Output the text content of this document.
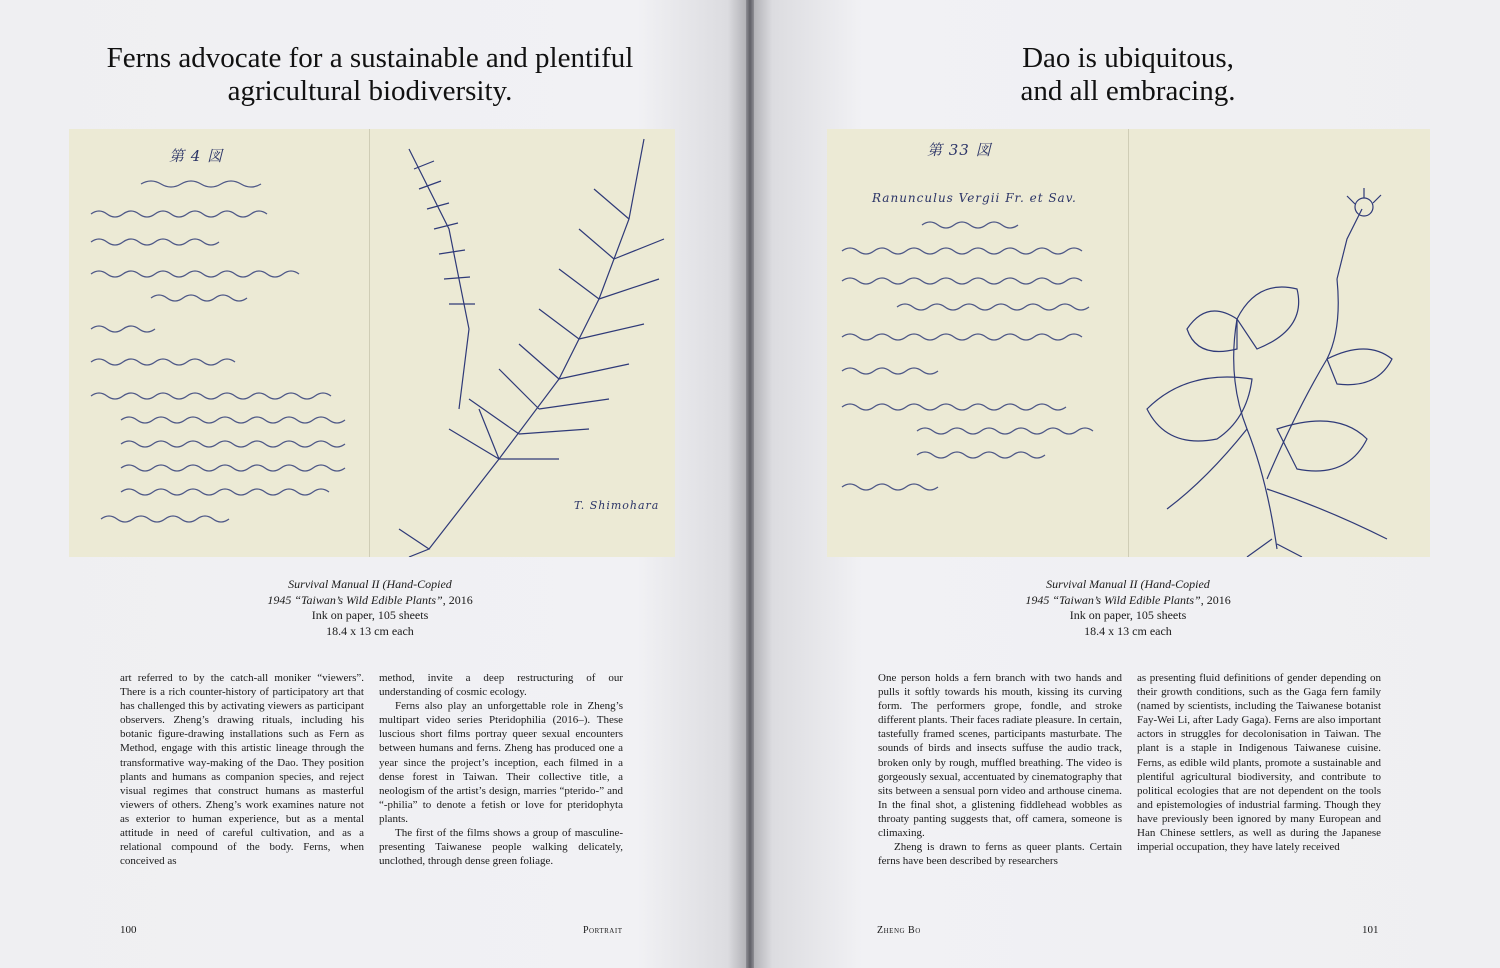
Ferns advocate for a sustainable and plentiful
agricultural biodiversity.
第 4 図
T. Shimohara
Survival Manual II (Hand-Copied
1945 “Taiwan’s Wild Edible Plants”, 2016
Ink on paper, 105 sheets
18.4 x 13 cm each

art referred to by the catch-all moniker “viewers”. There is a rich counter-history of participatory art that has challenged this by activating viewers as participant observers. Zheng’s drawing rituals, including his botanic figure-drawing installations such as Fern as Method, engage with this artistic lineage through the transformative way-making of the Dao. They position plants and humans as companion species, and reject visual regimes that construct humans as masterful viewers of others. Zheng’s work examines nature not as exterior to human experience, but as a mental attitude in need of careful cultivation, and as a relational compound of the body. Ferns, when conceived as

method, invite a deep restructuring of our understanding of cosmic ecology.

Ferns also play an unforgettable role in Zheng’s multipart video series Pteridophilia (2016–). These luscious short films portray queer sexual encounters between humans and ferns. Zheng has produced one a year since the project’s inception, each filmed in a dense forest in Taiwan. Their collective title, a neologism of the artist’s design, marries “pterido-” and “-philia” to denote a fetish or love for pteridophyta plants.

The first of the films shows a group of masculine-presenting Taiwanese people walking delicately, unclothed, through dense green foliage.

100	Portrait
Dao is ubiquitous,
and all embracing.
第 33 図
Ranunculus Vergii Fr. et Sav.
Survival Manual II (Hand-Copied
1945 “Taiwan’s Wild Edible Plants”, 2016
Ink on paper, 105 sheets
18.4 x 13 cm each

One person holds a fern branch with two hands and pulls it softly towards his mouth, kissing its curving form. The performers grope, fondle, and stroke different plants. Their faces radiate pleasure. In certain, tastefully framed scenes, participants masturbate. The sounds of birds and insects suffuse the audio track, broken only by rough, muffled breathing. The video is gorgeously sexual, accentuated by cinematography that sits between a sensual porn video and arthouse cinema. In the final shot, a glistening fiddlehead wobbles as throaty panting suggests that, off camera, someone is climaxing.

Zheng is drawn to ferns as queer plants. Certain ferns have been described by researchers

as presenting fluid definitions of gender depending on their growth conditions, such as the Gaga fern family (named by scientists, including the Taiwanese botanist Fay-Wei Li, after Lady Gaga). Ferns are also important actors in struggles for decolonisation in Taiwan. The plant is a staple in Indigenous Taiwanese cuisine. Ferns, as edible wild plants, promote a sustainable and plentiful agricultural biodiversity, and contribute to political ecologies that are not dependent on the tools and epistemologies of industrial farming. Though they have previously been ignored by many European and Han Chinese settlers, as well as during the Japanese imperial occupation, they have lately received

Zheng Bo	101
